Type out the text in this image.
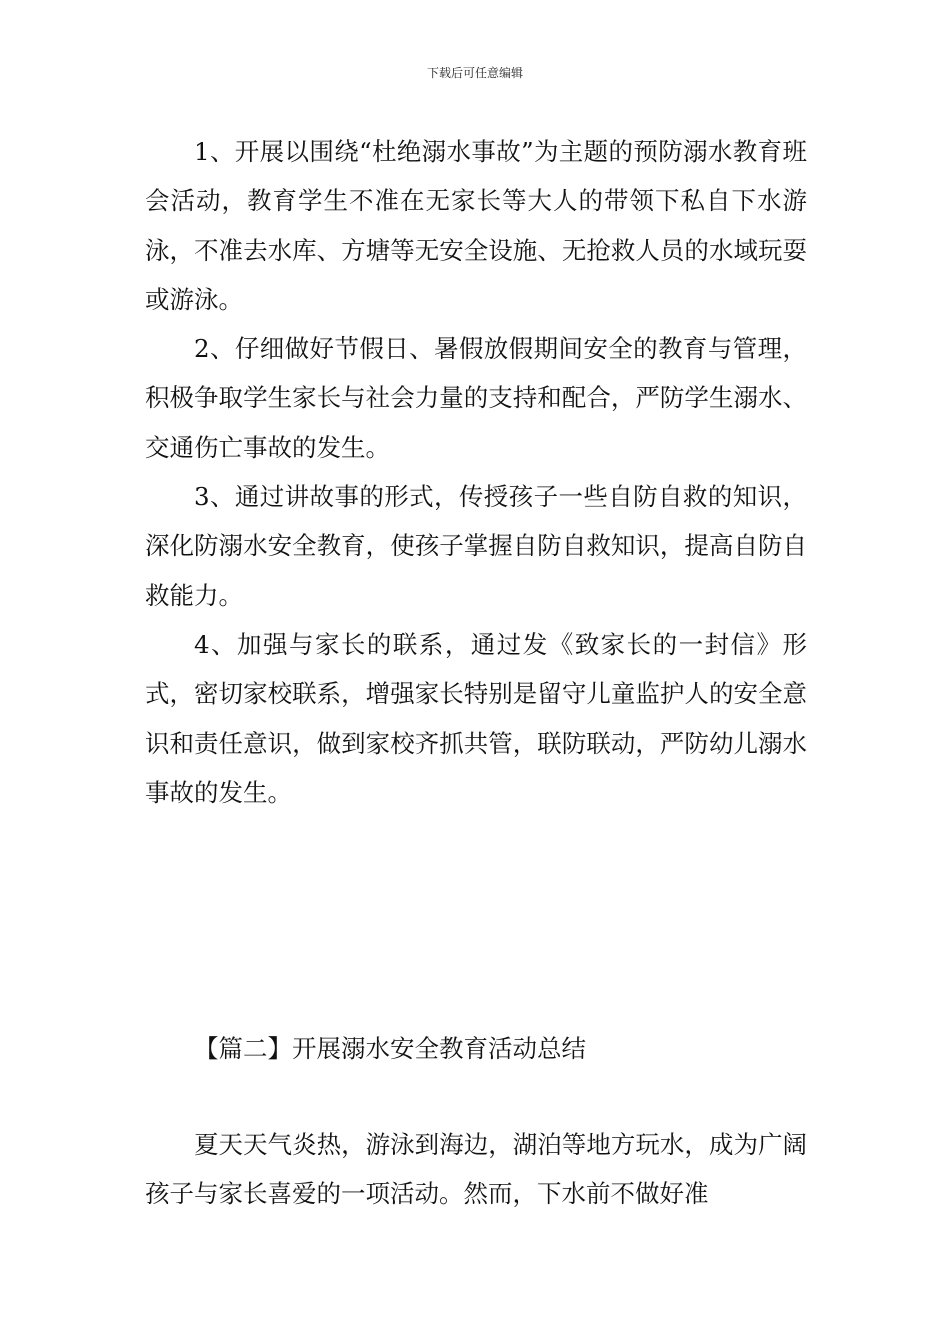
下载后可任意编辑

1、开展以围绕“杜绝溺水事故”为主题的预防溺水教育班会活动，教育学生不准在无家长等大人的带领下私自下水游泳，不准去水库、方塘等无安全设施、无抢救人员的水域玩耍或游泳。

2、仔细做好节假日、暑假放假期间安全的教育与管理，积极争取学生家长与社会力量的支持和配合，严防学生溺水、交通伤亡事故的发生。

3、通过讲故事的形式，传授孩子一些自防自救的知识，深化防溺水安全教育，使孩子掌握自防自救知识，提高自防自救能力。

4、加强与家长的联系，通过发《致家长的一封信》形式，密切家校联系，增强家长特别是留守儿童监护人的安全意识和责任意识，做到家校齐抓共管，联防联动，严防幼儿溺水事故的发生。

【篇二】开展溺水安全教育活动总结

夏天天气炎热，游泳到海边，湖泊等地方玩水，成为广阔孩子与家长喜爱的一项活动。然而，下水前不做好准
